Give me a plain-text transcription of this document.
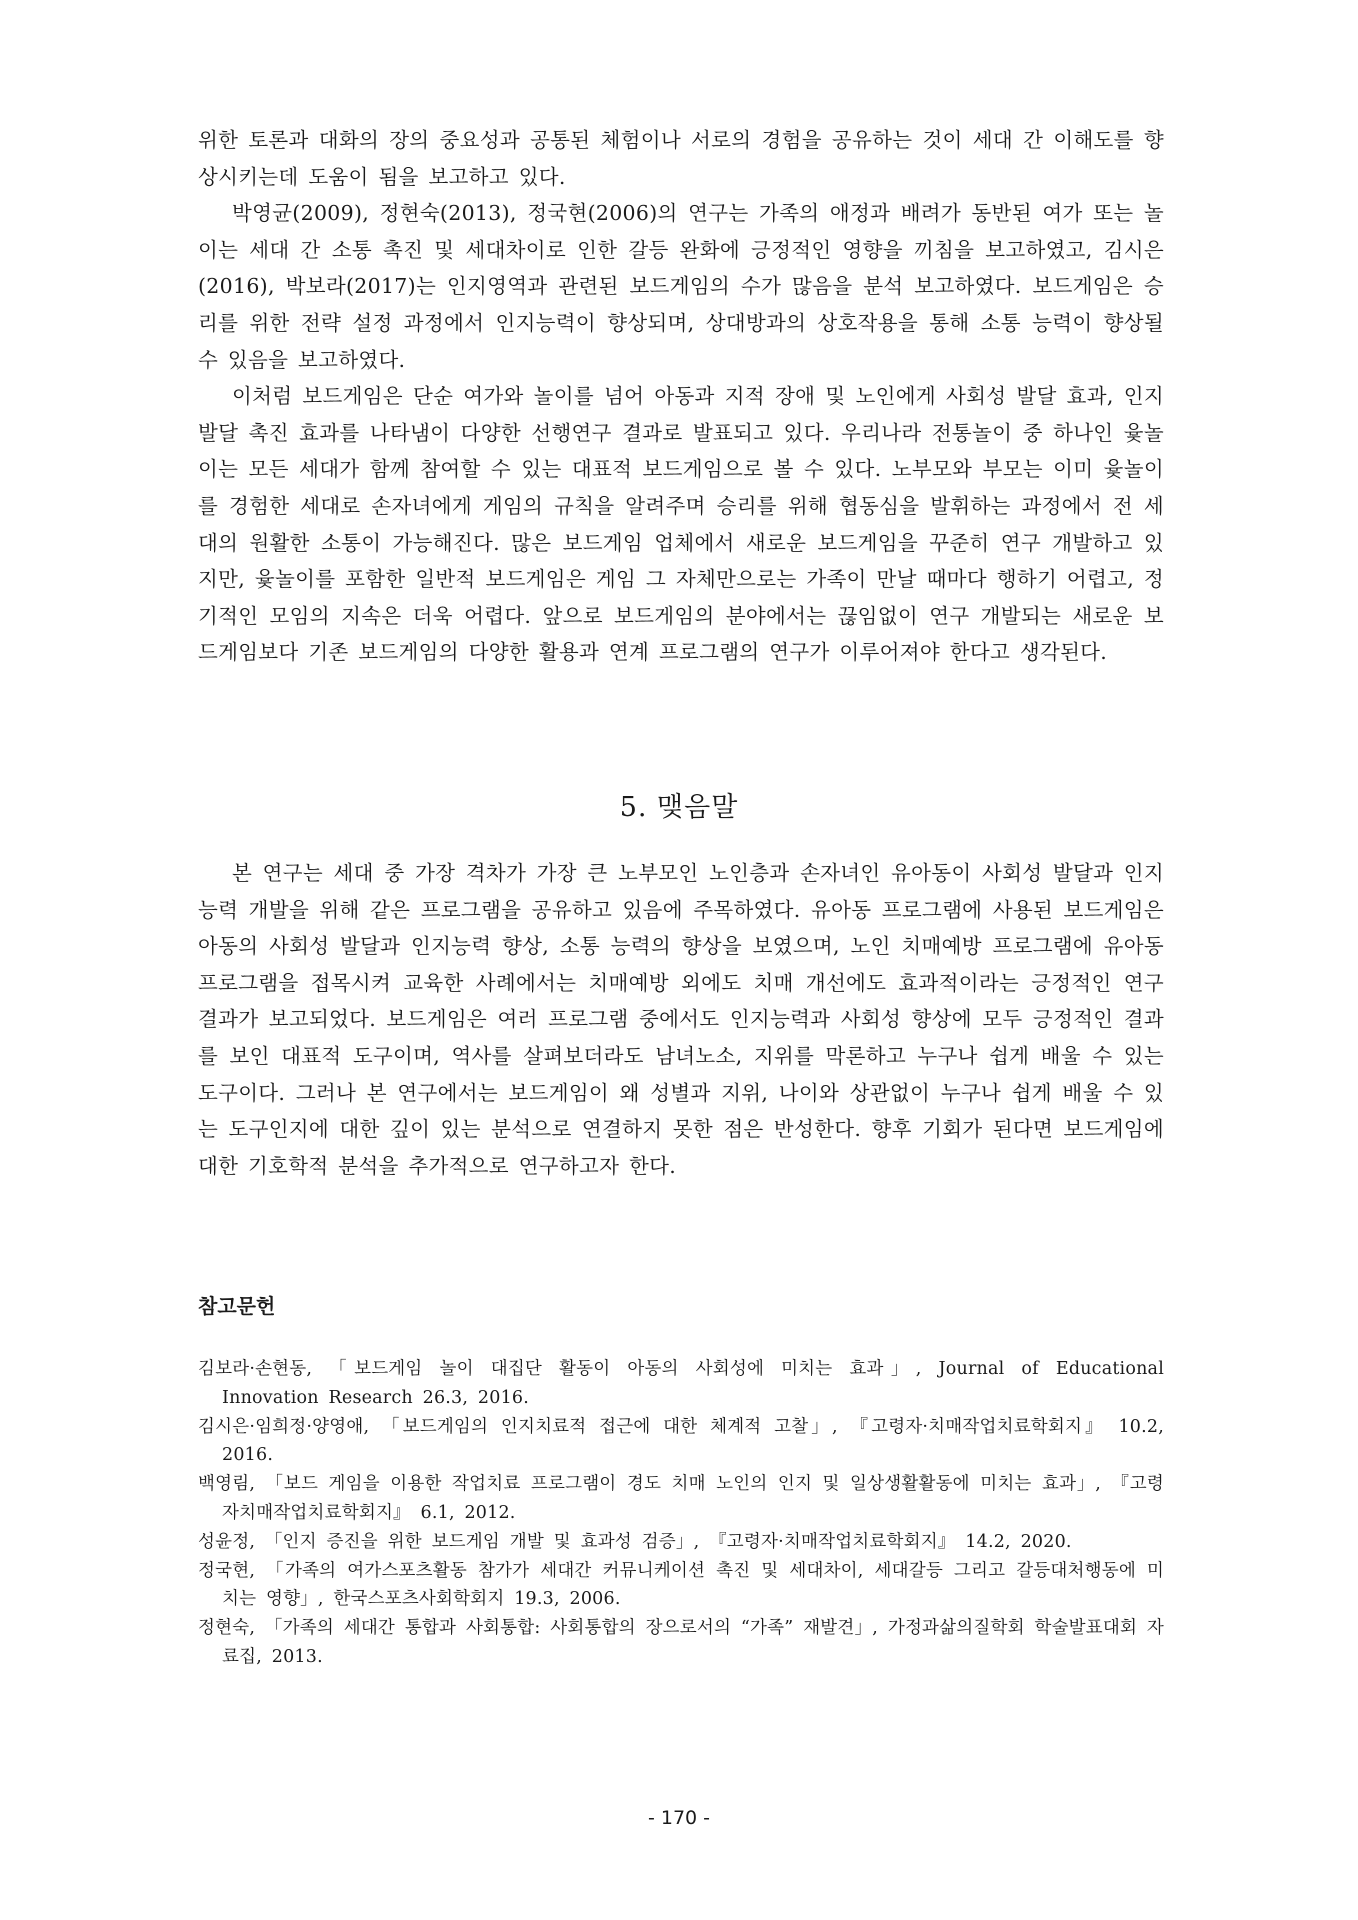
위한 토론과 대화의 장의 중요성과 공통된 체험이나 서로의 경험을 공유하는 것이 세대 간 이해도를 향상시키는데 도움이 됨을 보고하고 있다.

박영균(2009), 정현숙(2013), 정국현(2006)의 연구는 가족의 애정과 배려가 동반된 여가 또는 놀이는 세대 간 소통 촉진 및 세대차이로 인한 갈등 완화에 긍정적인 영향을 끼침을 보고하였고, 김시은(2016), 박보라(2017)는 인지영역과 관련된 보드게임의 수가 많음을 분석 보고하였다. 보드게임은 승리를 위한 전략 설정 과정에서 인지능력이 향상되며, 상대방과의 상호작용을 통해 소통 능력이 향상될 수 있음을 보고하였다.

이처럼 보드게임은 단순 여가와 놀이를 넘어 아동과 지적 장애 및 노인에게 사회성 발달 효과, 인지발달 촉진 효과를 나타냄이 다양한 선행연구 결과로 발표되고 있다. 우리나라 전통놀이 중 하나인 윷놀이는 모든 세대가 함께 참여할 수 있는 대표적 보드게임으로 볼 수 있다. 노부모와 부모는 이미 윷놀이를 경험한 세대로 손자녀에게 게임의 규칙을 알려주며 승리를 위해 협동심을 발휘하는 과정에서 전 세대의 원활한 소통이 가능해진다. 많은 보드게임 업체에서 새로운 보드게임을 꾸준히 연구 개발하고 있지만, 윷놀이를 포함한 일반적 보드게임은 게임 그 자체만으로는 가족이 만날 때마다 행하기 어렵고, 정기적인 모임의 지속은 더욱 어렵다. 앞으로 보드게임의 분야에서는 끊임없이 연구 개발되는 새로운 보드게임보다 기존 보드게임의 다양한 활용과 연계 프로그램의 연구가 이루어져야 한다고 생각된다.

5. 맺음말

본 연구는 세대 중 가장 격차가 가장 큰 노부모인 노인층과 손자녀인 유아동이 사회성 발달과 인지능력 개발을 위해 같은 프로그램을 공유하고 있음에 주목하였다. 유아동 프로그램에 사용된 보드게임은 아동의 사회성 발달과 인지능력 향상, 소통 능력의 향상을 보였으며, 노인 치매예방 프로그램에 유아동 프로그램을 접목시켜 교육한 사례에서는 치매예방 외에도 치매 개선에도 효과적이라는 긍정적인 연구 결과가 보고되었다. 보드게임은 여러 프로그램 중에서도 인지능력과 사회성 향상에 모두 긍정적인 결과를 보인 대표적 도구이며, 역사를 살펴보더라도 남녀노소, 지위를 막론하고 누구나 쉽게 배울 수 있는 도구이다. 그러나 본 연구에서는 보드게임이 왜 성별과 지위, 나이와 상관없이 누구나 쉽게 배울 수 있는 도구인지에 대한 깊이 있는 분석으로 연결하지 못한 점은 반성한다. 향후 기회가 된다면 보드게임에 대한 기호학적 분석을 추가적으로 연구하고자 한다.

참고문헌
김보라·손현동, 「보드게임 놀이 대집단 활동이 아동의 사회성에 미치는 효과」, Journal of Educational Innovation Research 26.3, 2016.
김시은·임희정·양영애, 「보드게임의 인지치료적 접근에 대한 체계적 고찰」, 『고령자·치매작업치료학회지』 10.2, 2016.
백영림, 「보드 게임을 이용한 작업치료 프로그램이 경도 치매 노인의 인지 및 일상생활활동에 미치는 효과」, 『고령자치매작업치료학회지』 6.1, 2012.
성윤정, 「인지 증진을 위한 보드게임 개발 및 효과성 검증」, 『고령자·치매작업치료학회지』 14.2, 2020.
정국현, 「가족의 여가스포츠활동 참가가 세대간 커뮤니케이션 촉진 및 세대차이, 세대갈등 그리고 갈등대처행동에 미치는 영향」, 한국스포츠사회학회지 19.3, 2006.
정현숙, 「가족의 세대간 통합과 사회통합: 사회통합의 장으로서의 “가족” 재발견」, 가정과삶의질학회 학술발표대회 자료집, 2013.
- 170 -
